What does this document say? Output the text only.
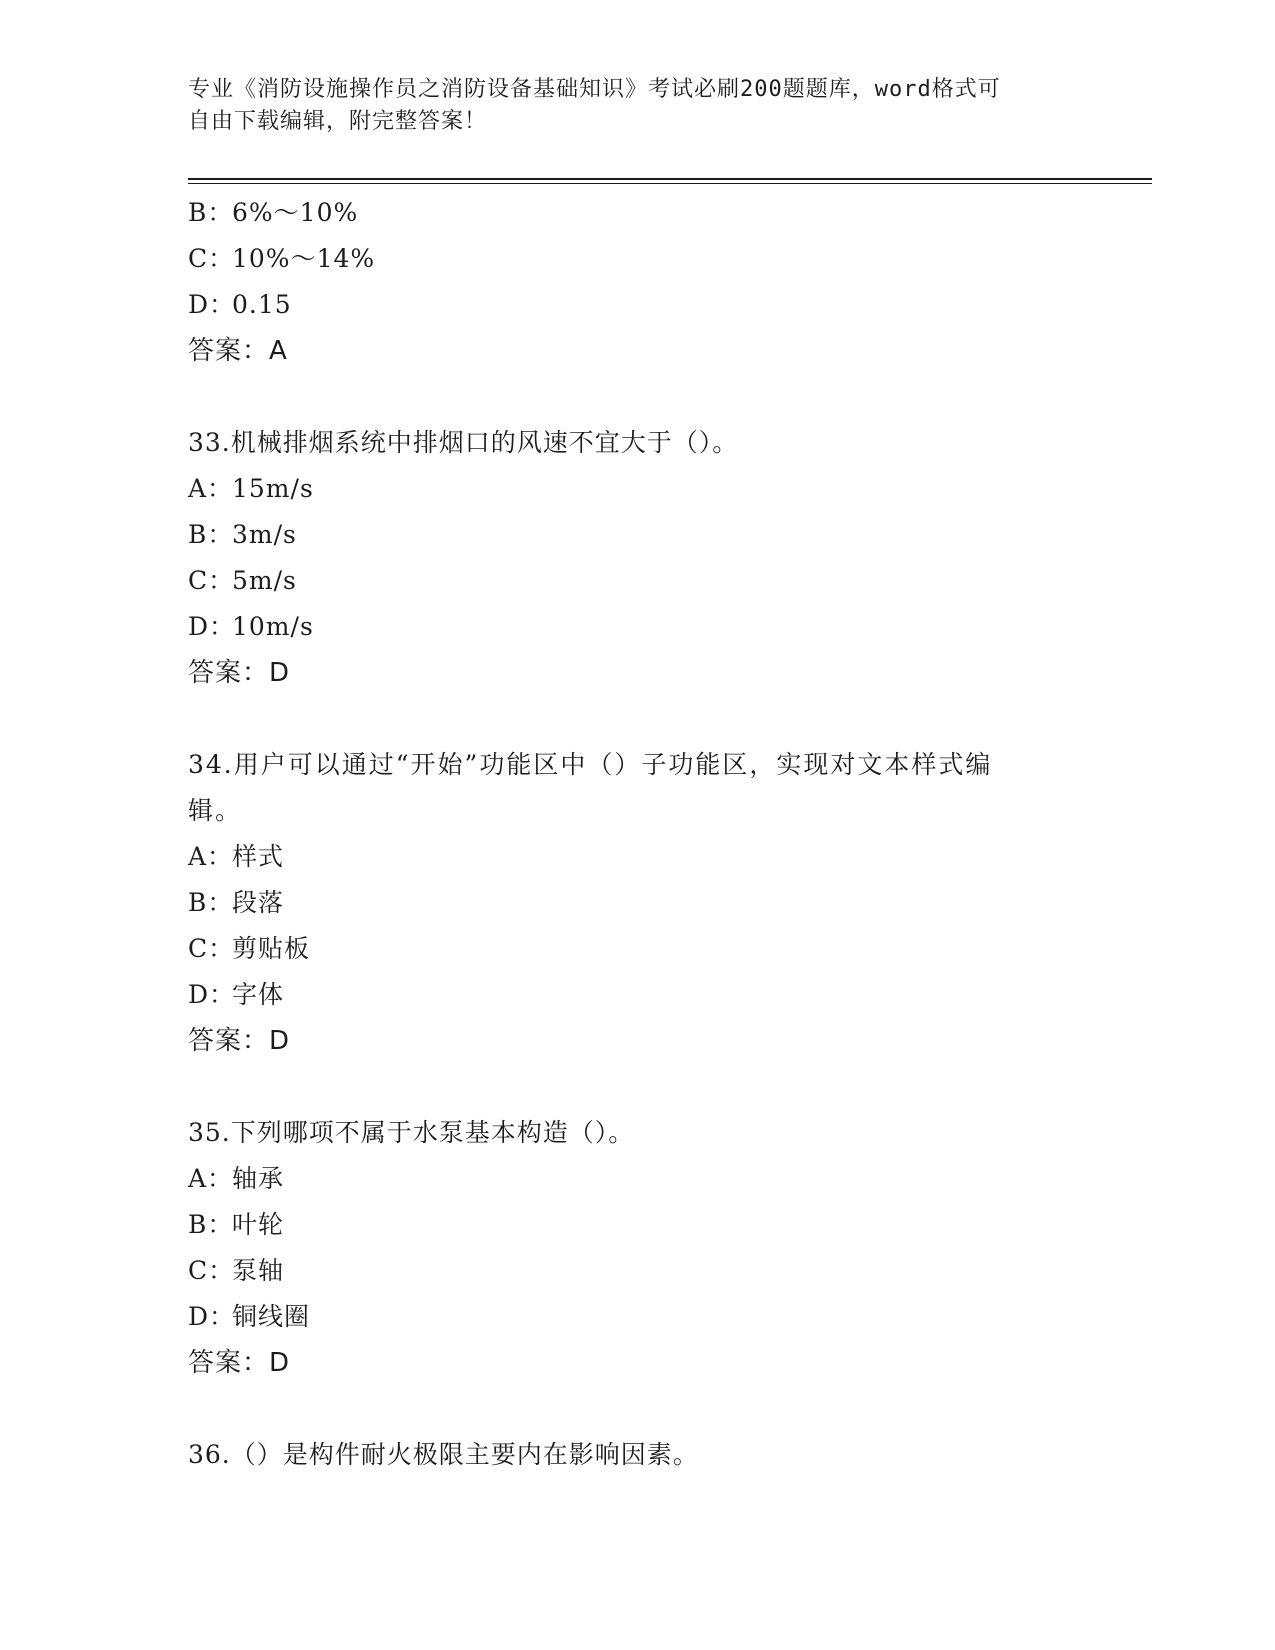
专业《消防设施操作员之消防设备基础知识》考试必刷200题题库，word格式可
自由下载编辑，附完整答案！
B：6%～10%
C：10%～14%
D：0.15
答案：A
33.机械排烟系统中排烟口的风速不宜大于（）。
A：15m/s
B：3m/s
C：5m/s
D：10m/s
答案：D
34.用户可以通过“开始”功能区中（）子功能区，实现对文本样式编
辑。
A：样式
B：段落
C：剪贴板
D：字体
答案：D
35.下列哪项不属于水泵基本构造（）。
A：轴承
B：叶轮
C：泵轴
D：铜线圈
答案：D
36.（）是构件耐火极限主要内在影响因素。
